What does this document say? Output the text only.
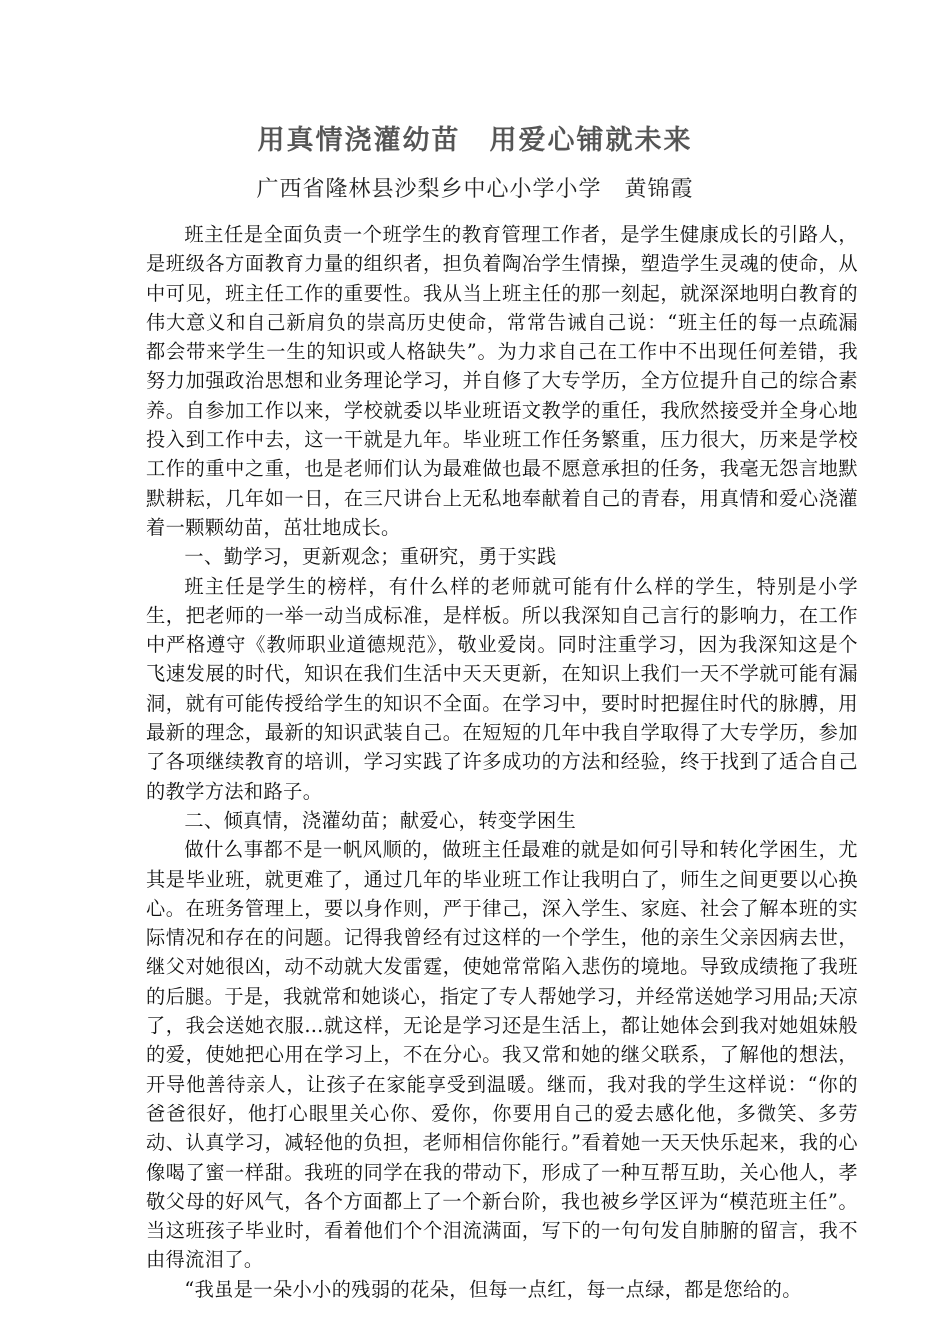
用真情浇灌幼苗　用爱心铺就未来
广西省隆林县沙梨乡中心小学小学　黄锦霞

班主任是全面负责一个班学生的教育管理工作者，是学生健康成长的引路人，是班级各方面教育力量的组织者，担负着陶冶学生情操，塑造学生灵魂的使命，从中可见，班主任工作的重要性。我从当上班主任的那一刻起，就深深地明白教育的伟大意义和自己新肩负的崇高历史使命，常常告诫自己说：“班主任的每一点疏漏都会带来学生一生的知识或人格缺失”。为力求自己在工作中不出现任何差错，我努力加强政治思想和业务理论学习，并自修了大专学历，全方位提升自己的综合素养。自参加工作以来，学校就委以毕业班语文教学的重任，我欣然接受并全身心地投入到工作中去，这一干就是九年。毕业班工作任务繁重，压力很大，历来是学校工作的重中之重，也是老师们认为最难做也最不愿意承担的任务，我毫无怨言地默默耕耘，几年如一日，在三尺讲台上无私地奉献着自己的青春，用真情和爱心浇灌着一颗颗幼苗，茁壮地成长。

一、勤学习，更新观念；重研究，勇于实践

班主任是学生的榜样，有什么样的老师就可能有什么样的学生，特别是小学生，把老师的一举一动当成标准，是样板。所以我深知自己言行的影响力，在工作中严格遵守《教师职业道德规范》，敬业爱岗。同时注重学习，因为我深知这是个飞速发展的时代，知识在我们生活中天天更新，在知识上我们一天不学就可能有漏洞，就有可能传授给学生的知识不全面。在学习中，要时时把握住时代的脉膊，用最新的理念，最新的知识武装自己。在短短的几年中我自学取得了大专学历，参加了各项继续教育的培训，学习实践了许多成功的方法和经验，终于找到了适合自己的教学方法和路子。

二、倾真情，浇灌幼苗；献爱心，转变学困生

做什么事都不是一帆风顺的，做班主任最难的就是如何引导和转化学困生，尤其是毕业班，就更难了，通过几年的毕业班工作让我明白了，师生之间更要以心换心。在班务管理上，要以身作则，严于律己，深入学生、家庭、社会了解本班的实际情况和存在的问题。记得我曾经有过这样的一个学生，他的亲生父亲因病去世，继父对她很凶，动不动就大发雷霆，使她常常陷入悲伤的境地。导致成绩拖了我班的后腿。于是，我就常和她谈心，指定了专人帮她学习，并经常送她学习用品;天凉了，我会送她衣服…就这样，无论是学习还是生活上，都让她体会到我对她姐妹般的爱，使她把心用在学习上，不在分心。我又常和她的继父联系，了解他的想法，开导他善待亲人，让孩子在家能享受到温暖。继而，我对我的学生这样说：“你的爸爸很好，他打心眼里关心你、爱你，你要用自己的爱去感化他，多微笑、多劳动、认真学习，减轻他的负担，老师相信你能行。”看着她一天天快乐起来，我的心像喝了蜜一样甜。我班的同学在我的带动下，形成了一种互帮互助，关心他人，孝敬父母的好风气，各个方面都上了一个新台阶，我也被乡学区评为“模范班主任”。当这班孩子毕业时，看着他们个个泪流满面，写下的一句句发自肺腑的留言，我不由得流泪了。

“我虽是一朵小小的残弱的花朵，但每一点红，每一点绿，都是您给的。
